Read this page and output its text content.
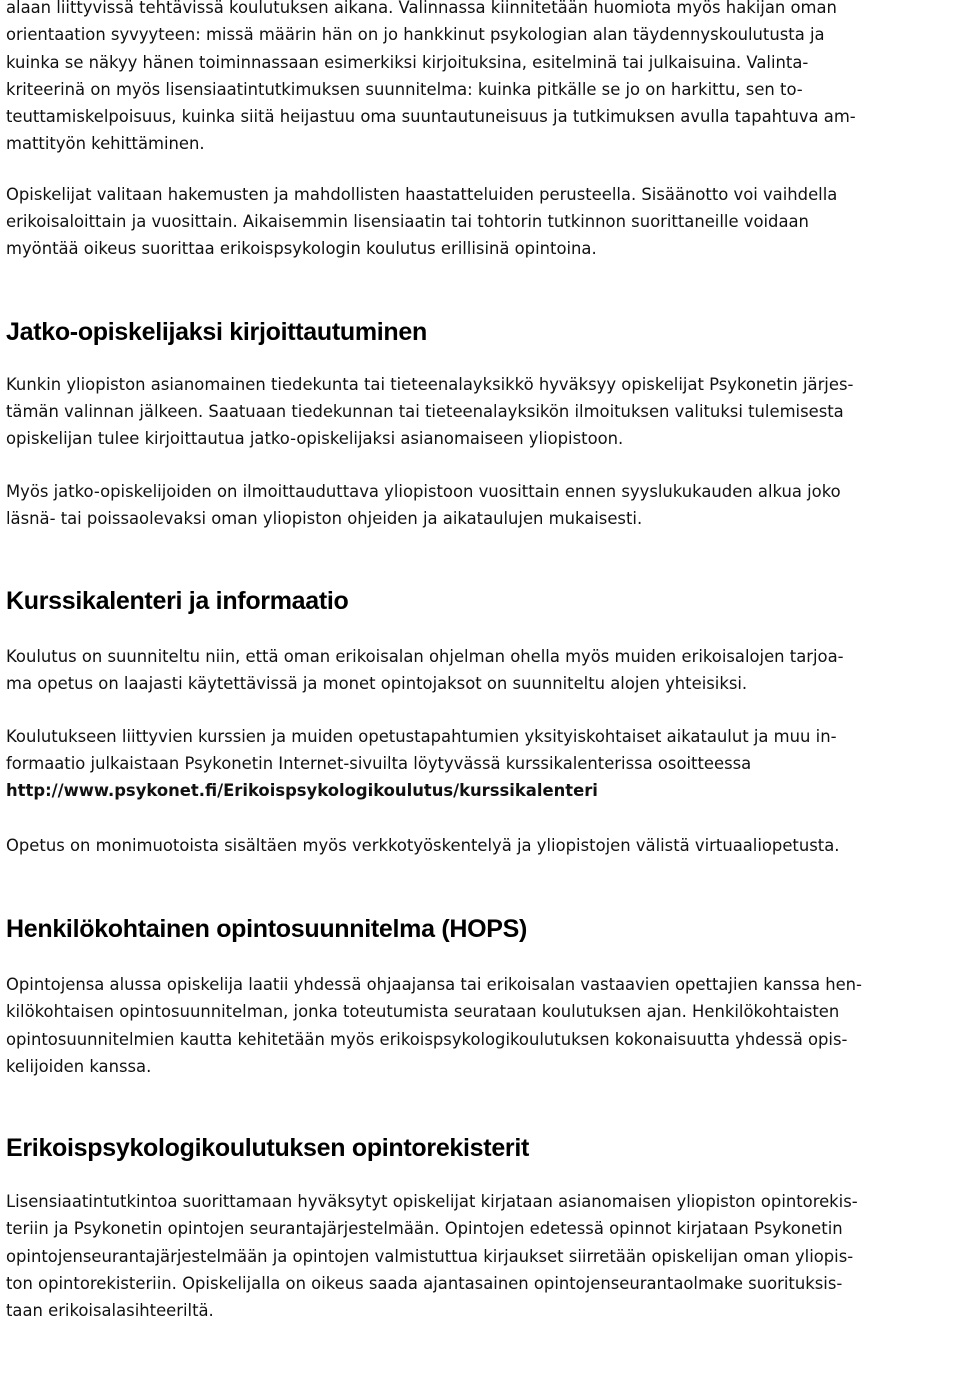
alaan liittyvissä tehtävissä koulutuksen aikana. Valinnassa kiinnitetään huomiota myös hakijan oman
orientaation syvyyteen: missä määrin hän on jo hankkinut psykologian alan täydennyskoulutusta ja
kuinka se näkyy hänen toiminnassaan esimerkiksi kirjoituksina, esitelminä tai julkaisuina. Valinta-
kriteerinä on myös lisensiaatintutkimuksen suunnitelma: kuinka pitkälle se jo on harkittu, sen to-
teuttamiskelpoisuus, kuinka siitä heijastuu oma suuntautuneisuus ja tutkimuksen avulla tapahtuva am-
mattityön kehittäminen.

Opiskelijat valitaan hakemusten ja mahdollisten haastatteluiden perusteella. Sisäänotto voi vaihdella
erikoisaloittain ja vuosittain. Aikaisemmin lisensiaatin tai tohtorin tutkinnon suorittaneille voidaan
myöntää oikeus suorittaa erikoispsykologin koulutus erillisinä opintoina.

Jatko-opiskelijaksi kirjoittautuminen

Kunkin yliopiston asianomainen tiedekunta tai tieteenalayksikkö hyväksyy opiskelijat Psykonetin järjes-
tämän valinnan jälkeen. Saatuaan tiedekunnan tai tieteenalayksikön ilmoituksen valituksi tulemisesta
opiskelijan tulee kirjoittautua jatko-opiskelijaksi asianomaiseen yliopistoon.

Myös jatko-opiskelijoiden on ilmoittauduttava yliopistoon vuosittain ennen syyslukukauden alkua joko
läsnä- tai poissaolevaksi oman yliopiston ohjeiden ja aikataulujen mukaisesti.

Kurssikalenteri ja informaatio

Koulutus on suunniteltu niin, että oman erikoisalan ohjelman ohella myös muiden erikoisalojen tarjoa-
ma opetus on laajasti käytettävissä ja monet opintojaksot on suunniteltu alojen yhteisiksi.

Koulutukseen liittyvien kurssien ja muiden opetustapahtumien yksityiskohtaiset aikataulut ja muu in-
formaatio julkaistaan Psykonetin Internet-sivuilta löytyvässä kurssikalenterissa osoitteessa
http://www.psykonet.fi/Erikoispsykologikoulutus/kurssikalenteri

Opetus on monimuotoista sisältäen myös verkkotyöskentelyä ja yliopistojen välistä virtuaaliopetusta.

Henkilökohtainen opintosuunnitelma (HOPS)

Opintojensa alussa opiskelija laatii yhdessä ohjaajansa tai erikoisalan vastaavien opettajien kanssa hen-
kilökohtaisen opintosuunnitelman, jonka toteutumista seurataan koulutuksen ajan. Henkilökohtaisten
opintosuunnitelmien kautta kehitetään myös erikoispsykologikoulutuksen kokonaisuutta yhdessä opis-
kelijoiden kanssa.

Erikoispsykologikoulutuksen opintorekisterit

Lisensiaatintutkintoa suorittamaan hyväksytyt opiskelijat kirjataan asianomaisen yliopiston opintorekis-
teriin ja Psykonetin opintojen seurantajärjestelmään. Opintojen edetessä opinnot kirjataan Psykonetin
opintojenseurantajärjestelmään ja opintojen valmistuttua kirjaukset siirretään opiskelijan oman yliopis-
ton opintorekisteriin. Opiskelijalla on oikeus saada ajantasainen opintojenseurantaolmake suorituksis-
taan erikoisalasihteeriltä.
